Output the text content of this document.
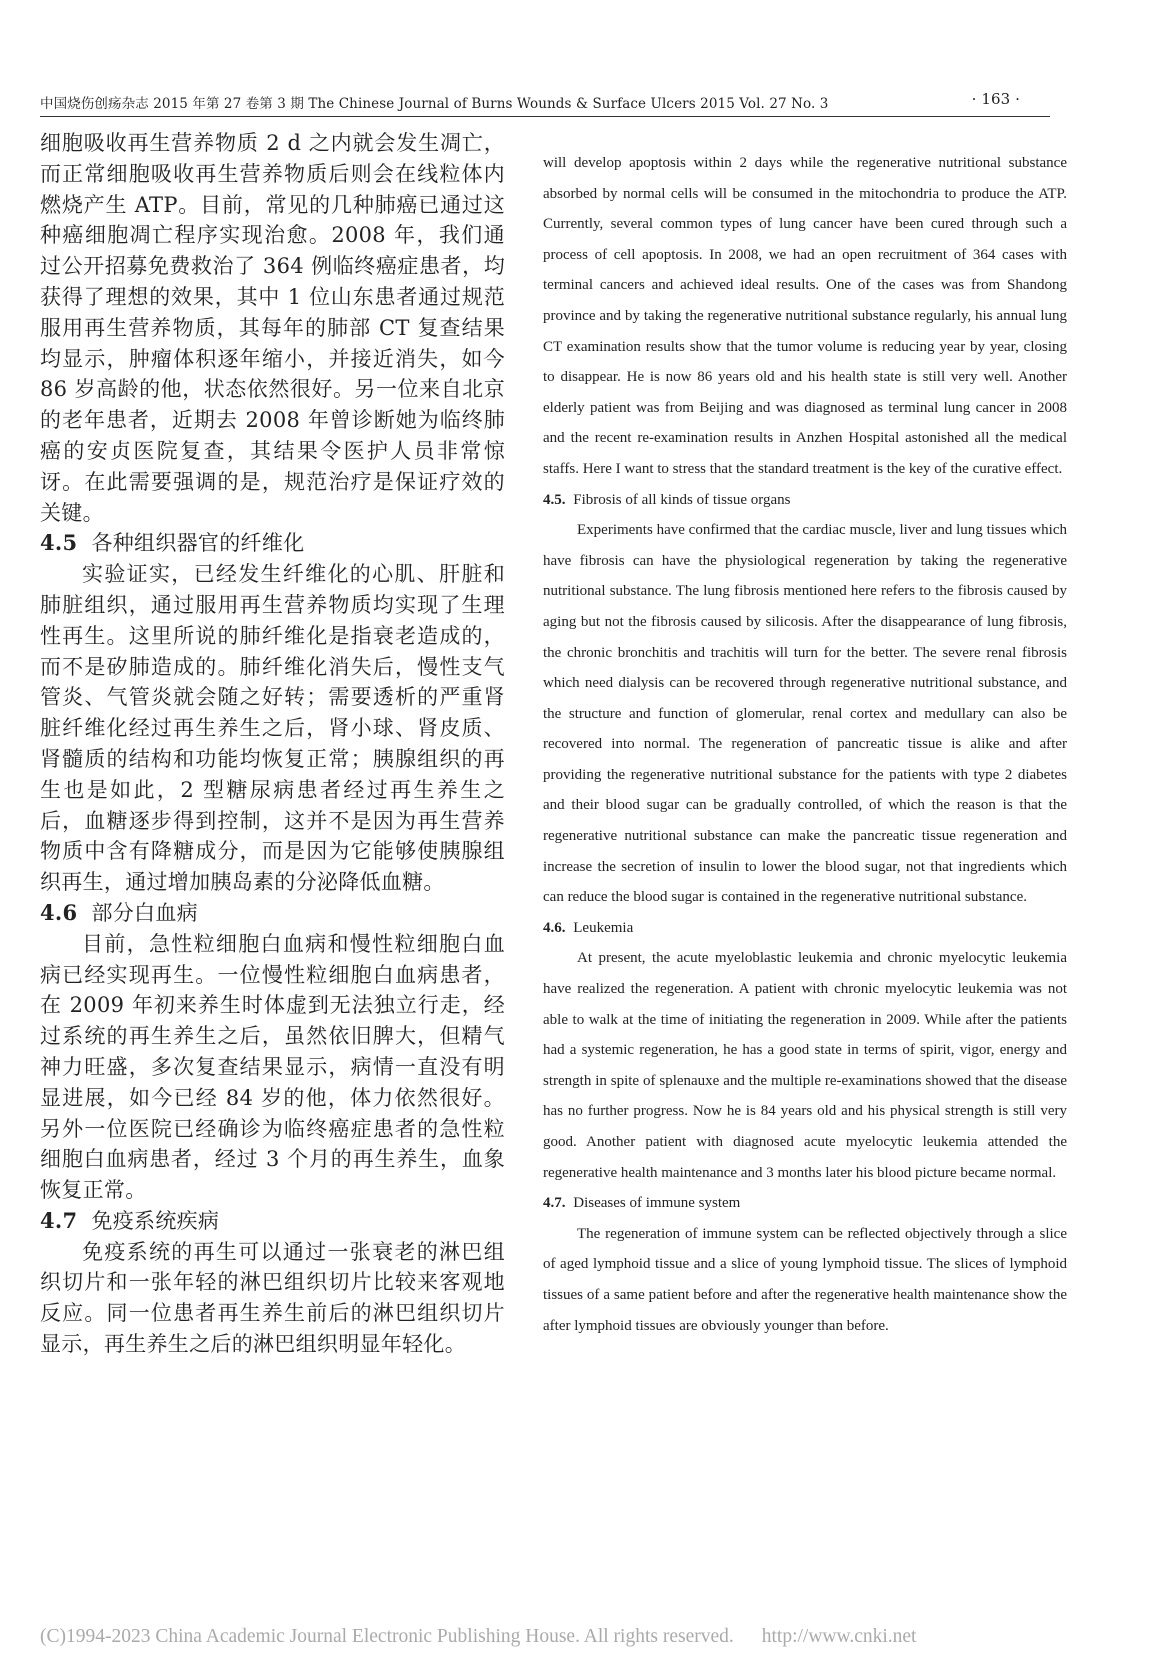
中国烧伤创疡杂志 2015 年第 27 卷第 3 期 The Chinese Journal of Burns Wounds & Surface Ulcers 2015 Vol. 27 No. 3	· 163 ·

细胞吸收再生营养物质 2 d 之内就会发生凋亡，而正常细胞吸收再生营养物质后则会在线粒体内燃烧产生 ATP。目前，常见的几种肺癌已通过这种癌细胞凋亡程序实现治愈。2008 年，我们通过公开招募免费救治了 364 例临终癌症患者，均获得了理想的效果，其中 1 位山东患者通过规范服用再生营养物质，其每年的肺部 CT 复查结果均显示，肿瘤体积逐年缩小，并接近消失，如今 86 岁高龄的他，状态依然很好。另一位来自北京的老年患者，近期去 2008 年曾诊断她为临终肺癌的安贞医院复查，其结果令医护人员非常惊讶。在此需要强调的是，规范治疗是保证疗效的关键。

4.5 各种组织器官的纤维化

实验证实，已经发生纤维化的心肌、肝脏和肺脏组织，通过服用再生营养物质均实现了生理性再生。这里所说的肺纤维化是指衰老造成的，而不是矽肺造成的。肺纤维化消失后，慢性支气管炎、气管炎就会随之好转；需要透析的严重肾脏纤维化经过再生养生之后，肾小球、肾皮质、肾髓质的结构和功能均恢复正常；胰腺组织的再生也是如此，2 型糖尿病患者经过再生养生之后，血糖逐步得到控制，这并不是因为再生营养物质中含有降糖成分，而是因为它能够使胰腺组织再生，通过增加胰岛素的分泌降低血糖。

4.6 部分白血病

目前，急性粒细胞白血病和慢性粒细胞白血病已经实现再生。一位慢性粒细胞白血病患者，在 2009 年初来养生时体虚到无法独立行走，经过系统的再生养生之后，虽然依旧脾大，但精气神力旺盛，多次复查结果显示，病情一直没有明显进展，如今已经 84 岁的他，体力依然很好。另外一位医院已经确诊为临终癌症患者的急性粒细胞白血病患者，经过 3 个月的再生养生，血象恢复正常。

4.7 免疫系统疾病

免疫系统的再生可以通过一张衰老的淋巴组织切片和一张年轻的淋巴组织切片比较来客观地反应。同一位患者再生养生前后的淋巴组织切片显示，再生养生之后的淋巴组织明显年轻化。

will develop apoptosis within 2 days while the regenerative nutritional substance absorbed by normal cells will be consumed in the mitochondria to produce the ATP. Currently, several common types of lung cancer have been cured through such a process of cell apoptosis. In 2008, we had an open recruitment of 364 cases with terminal cancers and achieved ideal results. One of the cases was from Shandong province and by taking the regenerative nutritional substance regularly, his annual lung CT examination results show that the tumor volume is reducing year by year, closing to disappear. He is now 86 years old and his health state is still very well. Another elderly patient was from Beijing and was diagnosed as terminal lung cancer in 2008 and the recent re-examination results in Anzhen Hospital astonished all the medical staffs. Here I want to stress that the standard treatment is the key of the curative effect.

4.5. Fibrosis of all kinds of tissue organs

Experiments have confirmed that the cardiac muscle, liver and lung tissues which have fibrosis can have the physiological regeneration by taking the regenerative nutritional substance. The lung fibrosis mentioned here refers to the fibrosis caused by aging but not the fibrosis caused by silicosis. After the disappearance of lung fibrosis, the chronic bronchitis and trachitis will turn for the better. The severe renal fibrosis which need dialysis can be recovered through regenerative nutritional substance, and the structure and function of glomerular, renal cortex and medullary can also be recovered into normal. The regeneration of pancreatic tissue is alike and after providing the regenerative nutritional substance for the patients with type 2 diabetes and their blood sugar can be gradually controlled, of which the reason is that the regenerative nutritional substance can make the pancreatic tissue regeneration and increase the secretion of insulin to lower the blood sugar, not that ingredients which can reduce the blood sugar is contained in the regenerative nutritional substance.

4.6. Leukemia

At present, the acute myeloblastic leukemia and chronic myelocytic leukemia have realized the regeneration. A patient with chronic myelocytic leukemia was not able to walk at the time of initiating the regeneration in 2009. While after the patients had a systemic regeneration, he has a good state in terms of spirit, vigor, energy and strength in spite of splenauxe and the multiple re-examinations showed that the disease has no further progress. Now he is 84 years old and his physical strength is still very good. Another patient with diagnosed acute myelocytic leukemia attended the regenerative health maintenance and 3 months later his blood picture became normal.

4.7. Diseases of immune system

The regeneration of immune system can be reflected objectively through a slice of aged lymphoid tissue and a slice of young lymphoid tissue. The slices of lymphoid tissues of a same patient before and after the regenerative health maintenance show the after lymphoid tissues are obviously younger than before.

(C)1994-2023 China Academic Journal Electronic Publishing House. All rights reserved. http://www.cnki.net
